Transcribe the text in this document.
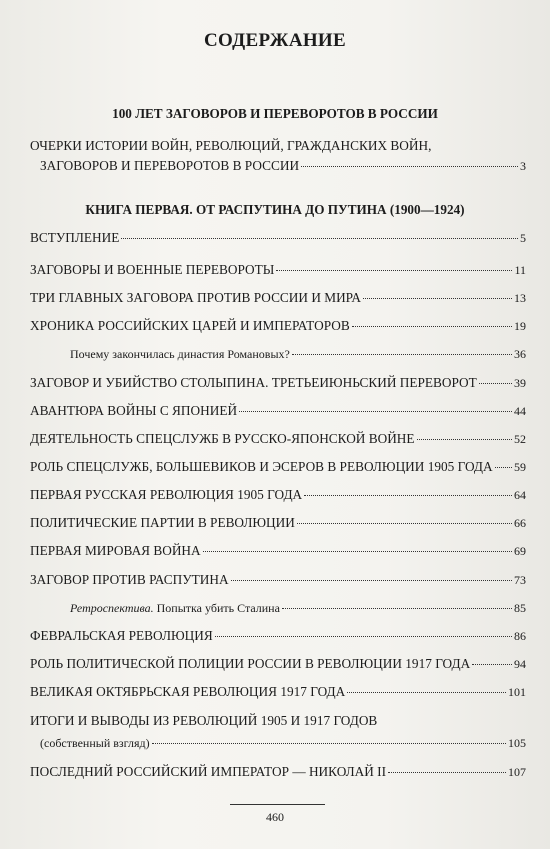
СОДЕРЖАНИЕ
100 ЛЕТ ЗАГОВОРОВ И ПЕРЕВОРОТОВ В РОССИИ
ОЧЕРКИ ИСТОРИИ ВОЙН, РЕВОЛЮЦИЙ, ГРАЖДАНСКИХ ВОЙН,
ЗАГОВОРОВ И ПЕРЕВОРОТОВ В РОССИИ	3
КНИГА ПЕРВАЯ. ОТ РАСПУТИНА ДО ПУТИНА (1900—1924)
ВСТУПЛЕНИЕ	5
ЗАГОВОРЫ И ВОЕННЫЕ ПЕРЕВОРОТЫ	11
ТРИ ГЛАВНЫХ ЗАГОВОРА ПРОТИВ РОССИИ И МИРА	13
ХРОНИКА РОССИЙСКИХ ЦАРЕЙ И ИМПЕРАТОРОВ	19
Почему закончилась династия Романовых?	36
ЗАГОВОР И УБИЙСТВО СТОЛЫПИНА. ТРЕТЬЕИЮНЬСКИЙ ПЕРЕВОРОТ	39
АВАНТЮРА ВОЙНЫ С ЯПОНИЕЙ	44
ДЕЯТЕЛЬНОСТЬ СПЕЦСЛУЖБ В РУССКО-ЯПОНСКОЙ ВОЙНЕ	52
РОЛЬ СПЕЦСЛУЖБ, БОЛЬШЕВИКОВ И ЭСЕРОВ В РЕВОЛЮЦИИ 1905 ГОДА 59
ПЕРВАЯ РУССКАЯ РЕВОЛЮЦИЯ 1905 ГОДА	64
ПОЛИТИЧЕСКИЕ ПАРТИИ В РЕВОЛЮЦИИ	66
ПЕРВАЯ МИРОВАЯ ВОЙНА	69
ЗАГОВОР ПРОТИВ РАСПУТИНА	73
Ретроспектива. Попытка убить Сталина	85
ФЕВРАЛЬСКАЯ РЕВОЛЮЦИЯ	86
РОЛЬ ПОЛИТИЧЕСКОЙ ПОЛИЦИИ РОССИИ В РЕВОЛЮЦИИ 1917 ГОДА	94
ВЕЛИКАЯ ОКТЯБРЬСКАЯ РЕВОЛЮЦИЯ 1917 ГОДА	101
ИТОГИ И ВЫВОДЫ ИЗ РЕВОЛЮЦИЙ 1905 И 1917 ГОДОВ
(собственный взгляд)	105
ПОСЛЕДНИЙ РОССИЙСКИЙ ИМПЕРАТОР — НИКОЛАЙ II	107
460
